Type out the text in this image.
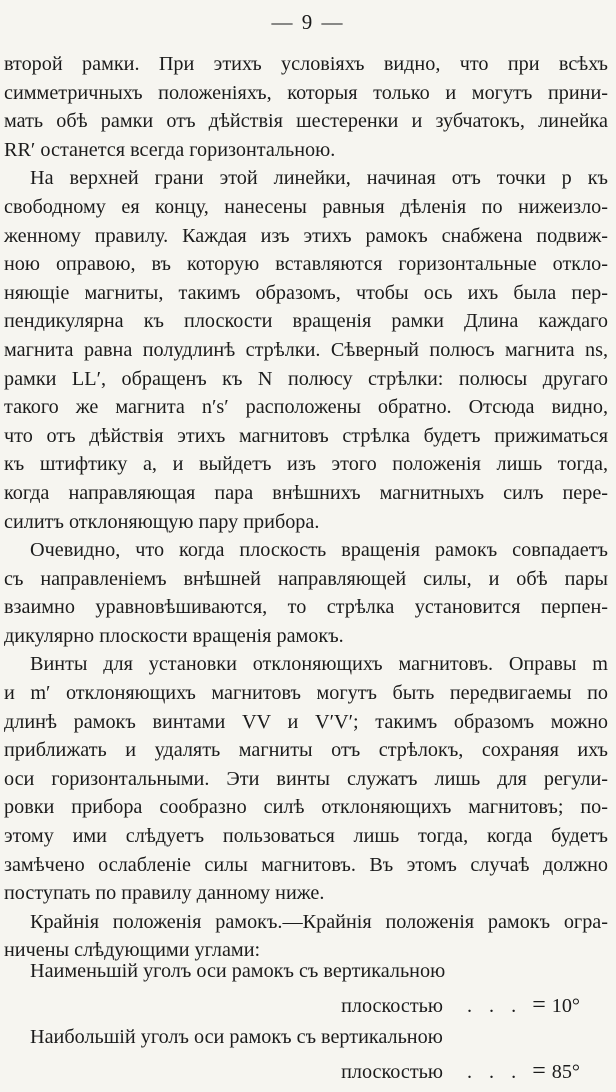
— 9 —
второй рамки. При этихъ условіяхъ видно, что при всѣхъ
симметричныхъ положеніяхъ, которыя только и могутъ прини-
мать обѣ рамки отъ дѣйствія шестеренки и зубчатокъ, линейка
RR′ останется всегда горизонтальною.
На верхней грани этой линейки, начиная отъ точки p къ
свободному ея концу, нанесены равныя дѣленія по нижеизло-
женному правилу. Каждая изъ этихъ рамокъ снабжена подвиж-
ною оправою, въ которую вставляются горизонтальные откло-
няющіе магниты, такимъ образомъ, чтобы ось ихъ была пер-
пендикулярна къ плоскости вращенія рамки Длина каждаго
магнита равна полудлинѣ стрѣлки. Сѣверный полюсъ магнита ns,
рамки LL′, обращенъ къ N полюсу стрѣлки: полюсы другаго
такого же магнита n′s′ расположены обратно. Отсюда видно,
что отъ дѣйствія этихъ магнитовъ стрѣлка будетъ прижиматься
къ штифтику a, и выйдетъ изъ этого положенія лишь тогда,
когда направляющая пара внѣшнихъ магнитныхъ силъ пере-
силитъ отклоняющую пару прибора.
Очевидно, что когда плоскость вращенія рамокъ совпадаетъ
съ направленіемъ внѣшней направляющей силы, и обѣ пары
взаимно уравновѣшиваются, то стрѣлка установится перпен-
дикулярно плоскости вращенія рамокъ.
Винты для установки отклоняющихъ магнитовъ. Оправы m
и m′ отклоняющихъ магнитовъ могутъ быть передвигаемы по
длинѣ рамокъ винтами VV и V′V′; такимъ образомъ можно
приближать и удалять магниты отъ стрѣлокъ, сохраняя ихъ
оси горизонтальными. Эти винты служатъ лишь для регули-
ровки прибора сообразно силѣ отклоняющихъ магнитовъ; по-
этому ими слѣдуетъ пользоваться лишь тогда, когда будетъ
замѣчено ослабленіе силы магнитовъ. Въ этомъ случаѣ должно
поступать по правилу данному ниже.
Крайнія положенія рамокъ.—Крайнія положенія рамокъ огра-
ничены слѣдующими углами:
Наименьшій уголъ оси рамокъ съ вертикальною
плоскостью . . . = 10°
Наибольшій уголъ оси рамокъ съ вертикальною
плоскостью . . . = 85°
